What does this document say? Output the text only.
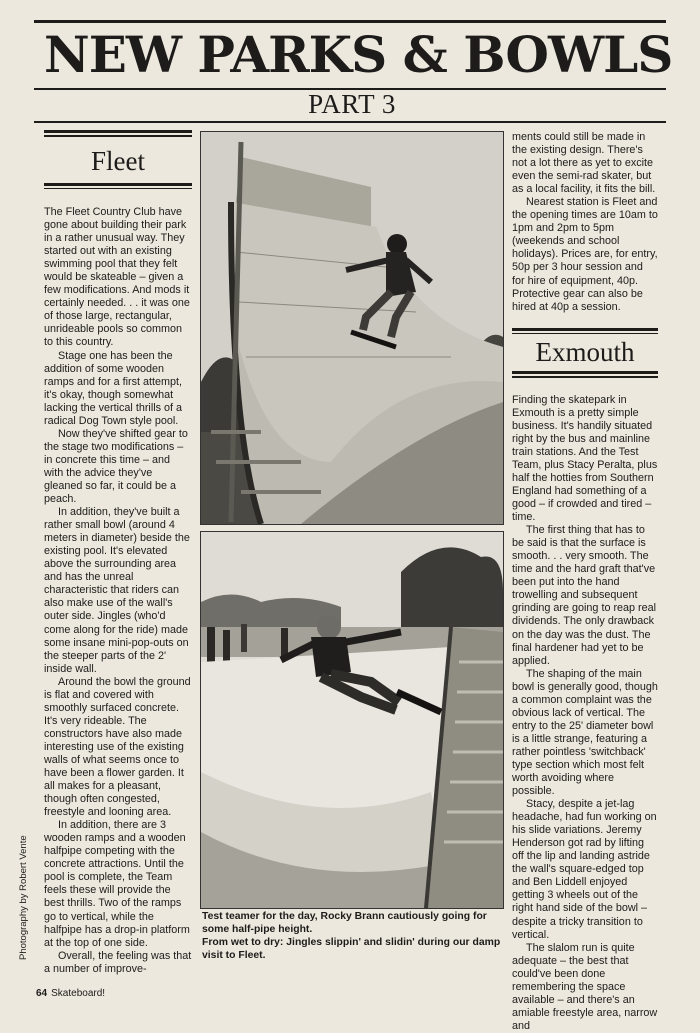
NEW PARKS & BOWLS
PART 3
Fleet

The Fleet Country Club have gone about building their park in a rather unusual way. They started out with an existing swimming pool that they felt would be skateable – given a few modifications. And mods it certainly needed. . . it was one of those large, rectangular, unrideable pools so common to this country.

Stage one has been the addition of some wooden ramps and for a first attempt, it's okay, though somewhat lacking the vertical thrills of a radical Dog Town style pool.

Now they've shifted gear to the stage two modifications – in concrete this time – and with the advice they've gleaned so far, it could be a peach.

In addition, they've built a rather small bowl (around 4 meters in diameter) beside the existing pool. It's elevated above the surrounding area and has the unreal characteristic that riders can also make use of the wall's outer side. Jingles (who'd come along for the ride) made some insane mini-pop-outs on the steeper parts of the 2' inside wall.

Around the bowl the ground is flat and covered with smoothly surfaced concrete. It's very rideable. The constructors have also made interesting use of the existing walls of what seems once to have been a flower garden. It all makes for a pleasant, though often congested, freestyle and looning area.

In addition, there are 3 wooden ramps and a wooden halfpipe competing with the concrete attractions. Until the pool is complete, the Team feels these will provide the best thrills. Two of the ramps go to vertical, while the halfpipe has a drop-in platform at the top of one side.

Overall, the feeling was that a number of improve-

Test teamer for the day, Rocky Brann cautiously going for some half-pipe height.
From wet to dry: Jingles slippin' and slidin' during our damp visit to Fleet.

ments could still be made in the existing design. There's not a lot there as yet to excite even the semi-rad skater, but as a local facility, it fits the bill.

Nearest station is Fleet and the opening times are 10am to 1pm and 2pm to 5pm (weekends and school holidays). Prices are, for entry, 50p per 3 hour session and for hire of equipment, 40p. Protective gear can also be hired at 40p a session.

Exmouth

Finding the skatepark in Exmouth is a pretty simple business. It's handily situated right by the bus and mainline train stations. And the Test Team, plus Stacy Peralta, plus half the hotties from Southern England had something of a good – if crowded and tired – time.

The first thing that has to be said is that the surface is smooth. . . very smooth. The time and the hard graft that've been put into the hand trowelling and subsequent grinding are going to reap real dividends. The only drawback on the day was the dust. The final hardener had yet to be applied.

The shaping of the main bowl is generally good, though a common complaint was the obvious lack of vertical. The entry to the 25' diameter bowl is a little strange, featuring a rather pointless 'switchback' type section which most felt worth avoiding where possible.

Stacy, despite a jet-lag headache, had fun working on his slide variations. Jeremy Henderson got rad by lifting off the lip and landing astride the wall's square-edged top and Ben Liddell enjoyed getting 3 wheels out of the right hand side of the bowl – despite a tricky transition to vertical.

The slalom run is quite adequate – the best that could've been done remembering the space available – and there's an amiable freestyle area, narrow and

Photography by Robert Vente
64 Skateboard!
